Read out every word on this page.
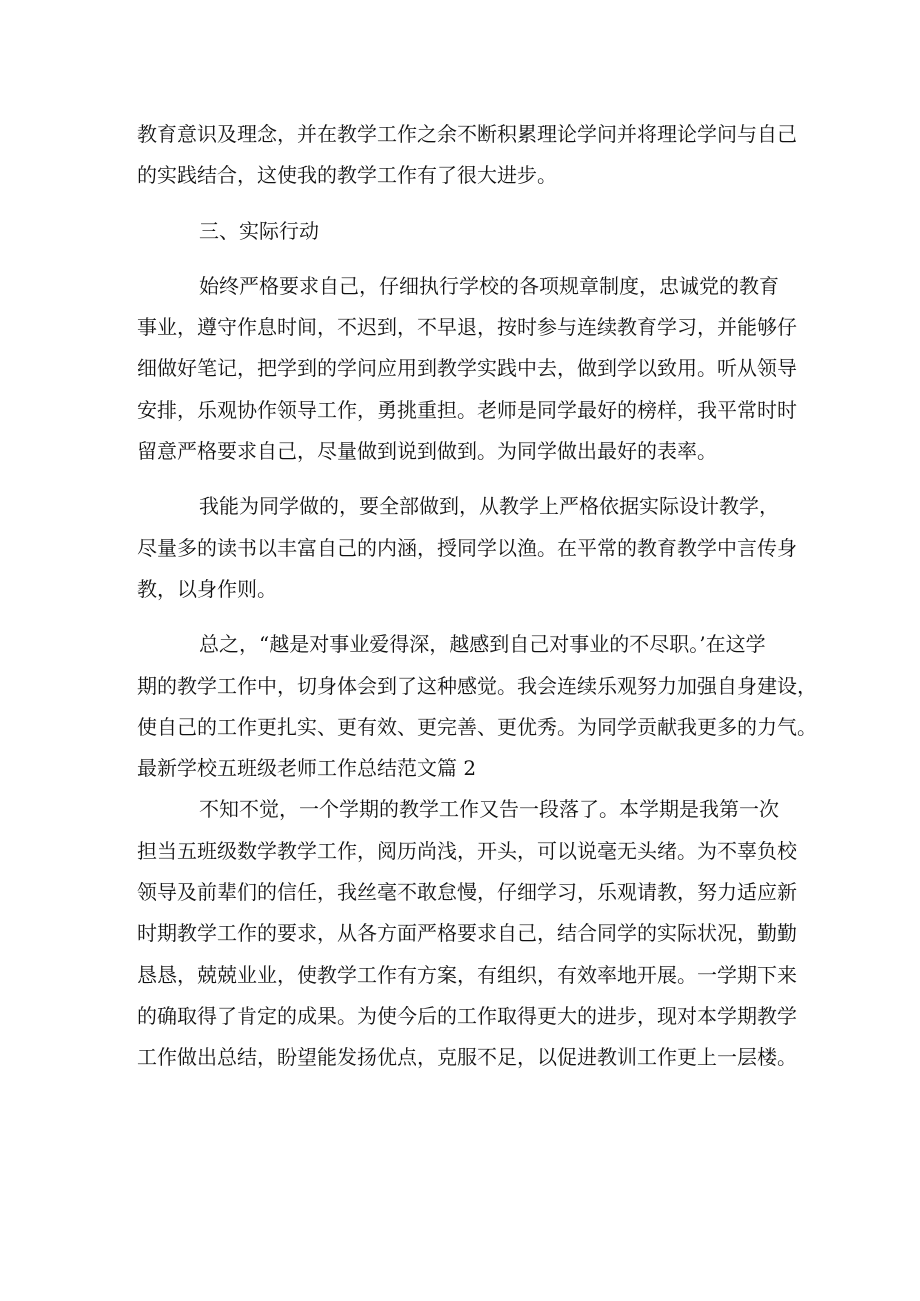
教育意识及理念，并在教学工作之余不断积累理论学问并将理论学问与自己
的实践结合，这使我的教学工作有了很大进步。
三、实际行动
始终严格要求自己，仔细执行学校的各项规章制度，忠诚党的教育
事业，遵守作息时间，不迟到，不早退，按时参与连续教育学习，并能够仔
细做好笔记，把学到的学问应用到教学实践中去，做到学以致用。听从领导
安排，乐观协作领导工作，勇挑重担。老师是同学最好的榜样，我平常时时
留意严格要求自己，尽量做到说到做到。为同学做出最好的表率。
我能为同学做的，要全部做到，从教学上严格依据实际设计教学，
尽量多的读书以丰富自己的内涵，授同学以渔。在平常的教育教学中言传身
教，以身作则。
总之，“越是对事业爱得深，越感到自己对事业的不尽职。’在这学
期的教学工作中，切身体会到了这种感觉。我会连续乐观努力加强自身建设，
使自己的工作更扎实、更有效、更完善、更优秀。为同学贡献我更多的力气。
最新学校五班级老师工作总结范文篇 2
不知不觉，一个学期的教学工作又告一段落了。本学期是我第一次
担当五班级数学教学工作，阅历尚浅，开头，可以说毫无头绪。为不辜负校
领导及前辈们的信任，我丝毫不敢怠慢，仔细学习，乐观请教，努力适应新
时期教学工作的要求，从各方面严格要求自己，结合同学的实际状况，勤勤
恳恳，兢兢业业，使教学工作有方案，有组织，有效率地开展。一学期下来
的确取得了肯定的成果。为使今后的工作取得更大的进步，现对本学期教学
工作做出总结，盼望能发扬优点，克服不足，以促进教训工作更上一层楼。
